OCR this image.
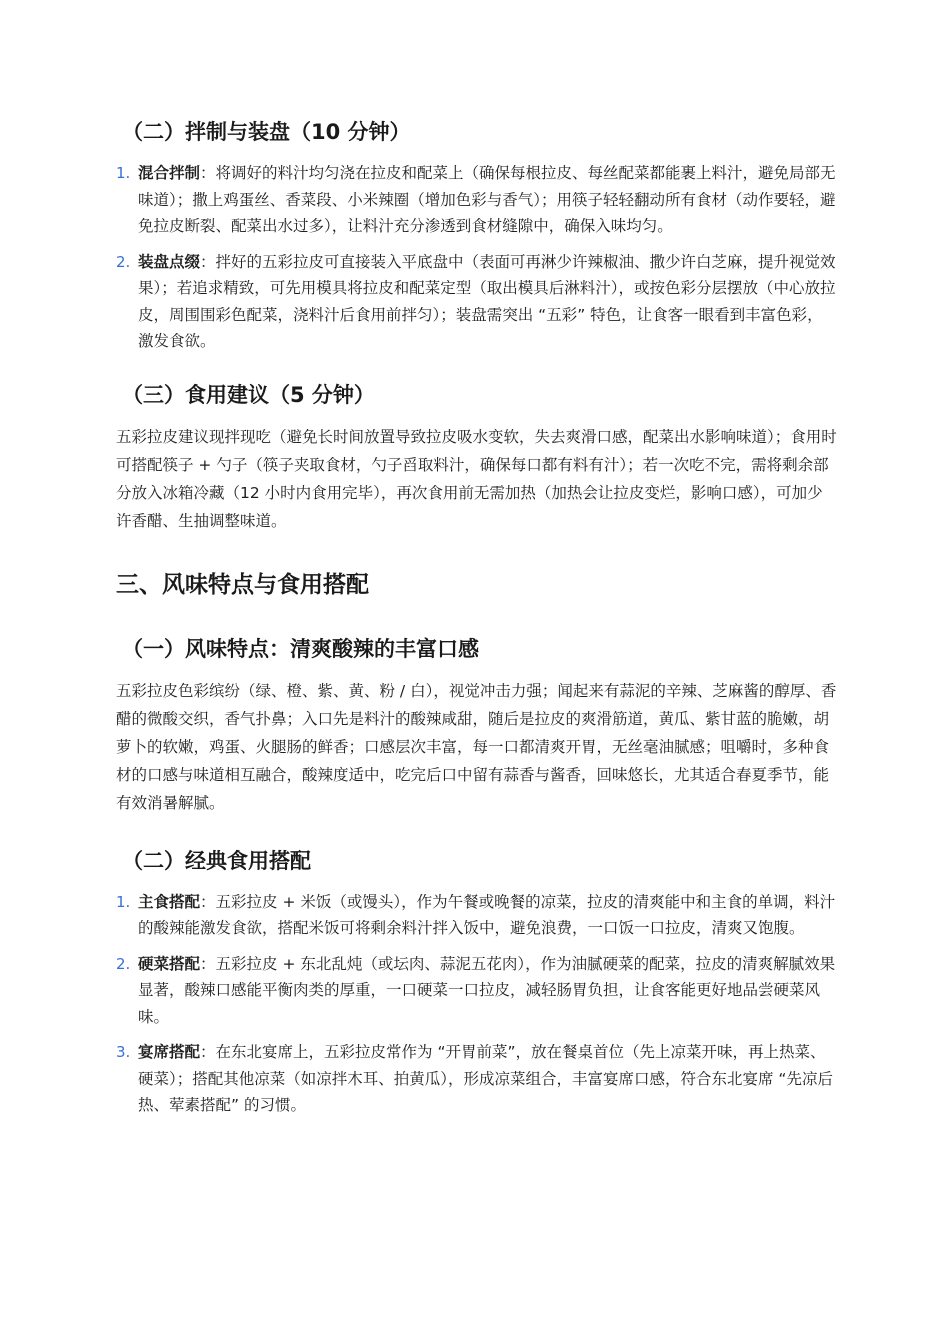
（二）拌制与装盘（10 分钟）
1. 混合拌制：将调好的料汁均匀浇在拉皮和配菜上（确保每根拉皮、每丝配菜都能裹上料汁，避免局部无味道）；撒上鸡蛋丝、香菜段、小米辣圈（增加色彩与香气）；用筷子轻轻翻动所有食材（动作要轻，避免拉皮断裂、配菜出水过多），让料汁充分渗透到食材缝隙中，确保入味均匀。
2. 装盘点缀：拌好的五彩拉皮可直接装入平底盘中（表面可再淋少许辣椒油、撒少许白芝麻，提升视觉效果）；若追求精致，可先用模具将拉皮和配菜定型（取出模具后淋料汁），或按色彩分层摆放（中心放拉皮，周围围彩色配菜，浇料汁后食用前拌匀）；装盘需突出 “五彩” 特色，让食客一眼看到丰富色彩，激发食欲。
（三）食用建议（5 分钟）

五彩拉皮建议现拌现吃（避免长时间放置导致拉皮吸水变软，失去爽滑口感，配菜出水影响味道）；食用时可搭配筷子 + 勺子（筷子夹取食材，勺子舀取料汁，确保每口都有料有汁）；若一次吃不完，需将剩余部分放入冰箱冷藏（12 小时内食用完毕），再次食用前无需加热（加热会让拉皮变烂，影响口感），可加少许香醋、生抽调整味道。

三、风味特点与食用搭配
（一）风味特点：清爽酸辣的丰富口感

五彩拉皮色彩缤纷（绿、橙、紫、黄、粉 / 白），视觉冲击力强；闻起来有蒜泥的辛辣、芝麻酱的醇厚、香醋的微酸交织，香气扑鼻；入口先是料汁的酸辣咸甜，随后是拉皮的爽滑筋道，黄瓜、紫甘蓝的脆嫩，胡萝卜的软嫩，鸡蛋、火腿肠的鲜香；口感层次丰富，每一口都清爽开胃，无丝毫油腻感；咀嚼时，多种食材的口感与味道相互融合，酸辣度适中，吃完后口中留有蒜香与酱香，回味悠长，尤其适合春夏季节，能有效消暑解腻。

（二）经典食用搭配
1. 主食搭配：五彩拉皮 + 米饭（或馒头），作为午餐或晚餐的凉菜，拉皮的清爽能中和主食的单调，料汁的酸辣能激发食欲，搭配米饭可将剩余料汁拌入饭中，避免浪费，一口饭一口拉皮，清爽又饱腹。
2. 硬菜搭配：五彩拉皮 + 东北乱炖（或坛肉、蒜泥五花肉），作为油腻硬菜的配菜，拉皮的清爽解腻效果显著，酸辣口感能平衡肉类的厚重，一口硬菜一口拉皮，减轻肠胃负担，让食客能更好地品尝硬菜风味。
3. 宴席搭配：在东北宴席上，五彩拉皮常作为 “开胃前菜”，放在餐桌首位（先上凉菜开味，再上热菜、硬菜）；搭配其他凉菜（如凉拌木耳、拍黄瓜），形成凉菜组合，丰富宴席口感，符合东北宴席 “先凉后热、荤素搭配” 的习惯。
